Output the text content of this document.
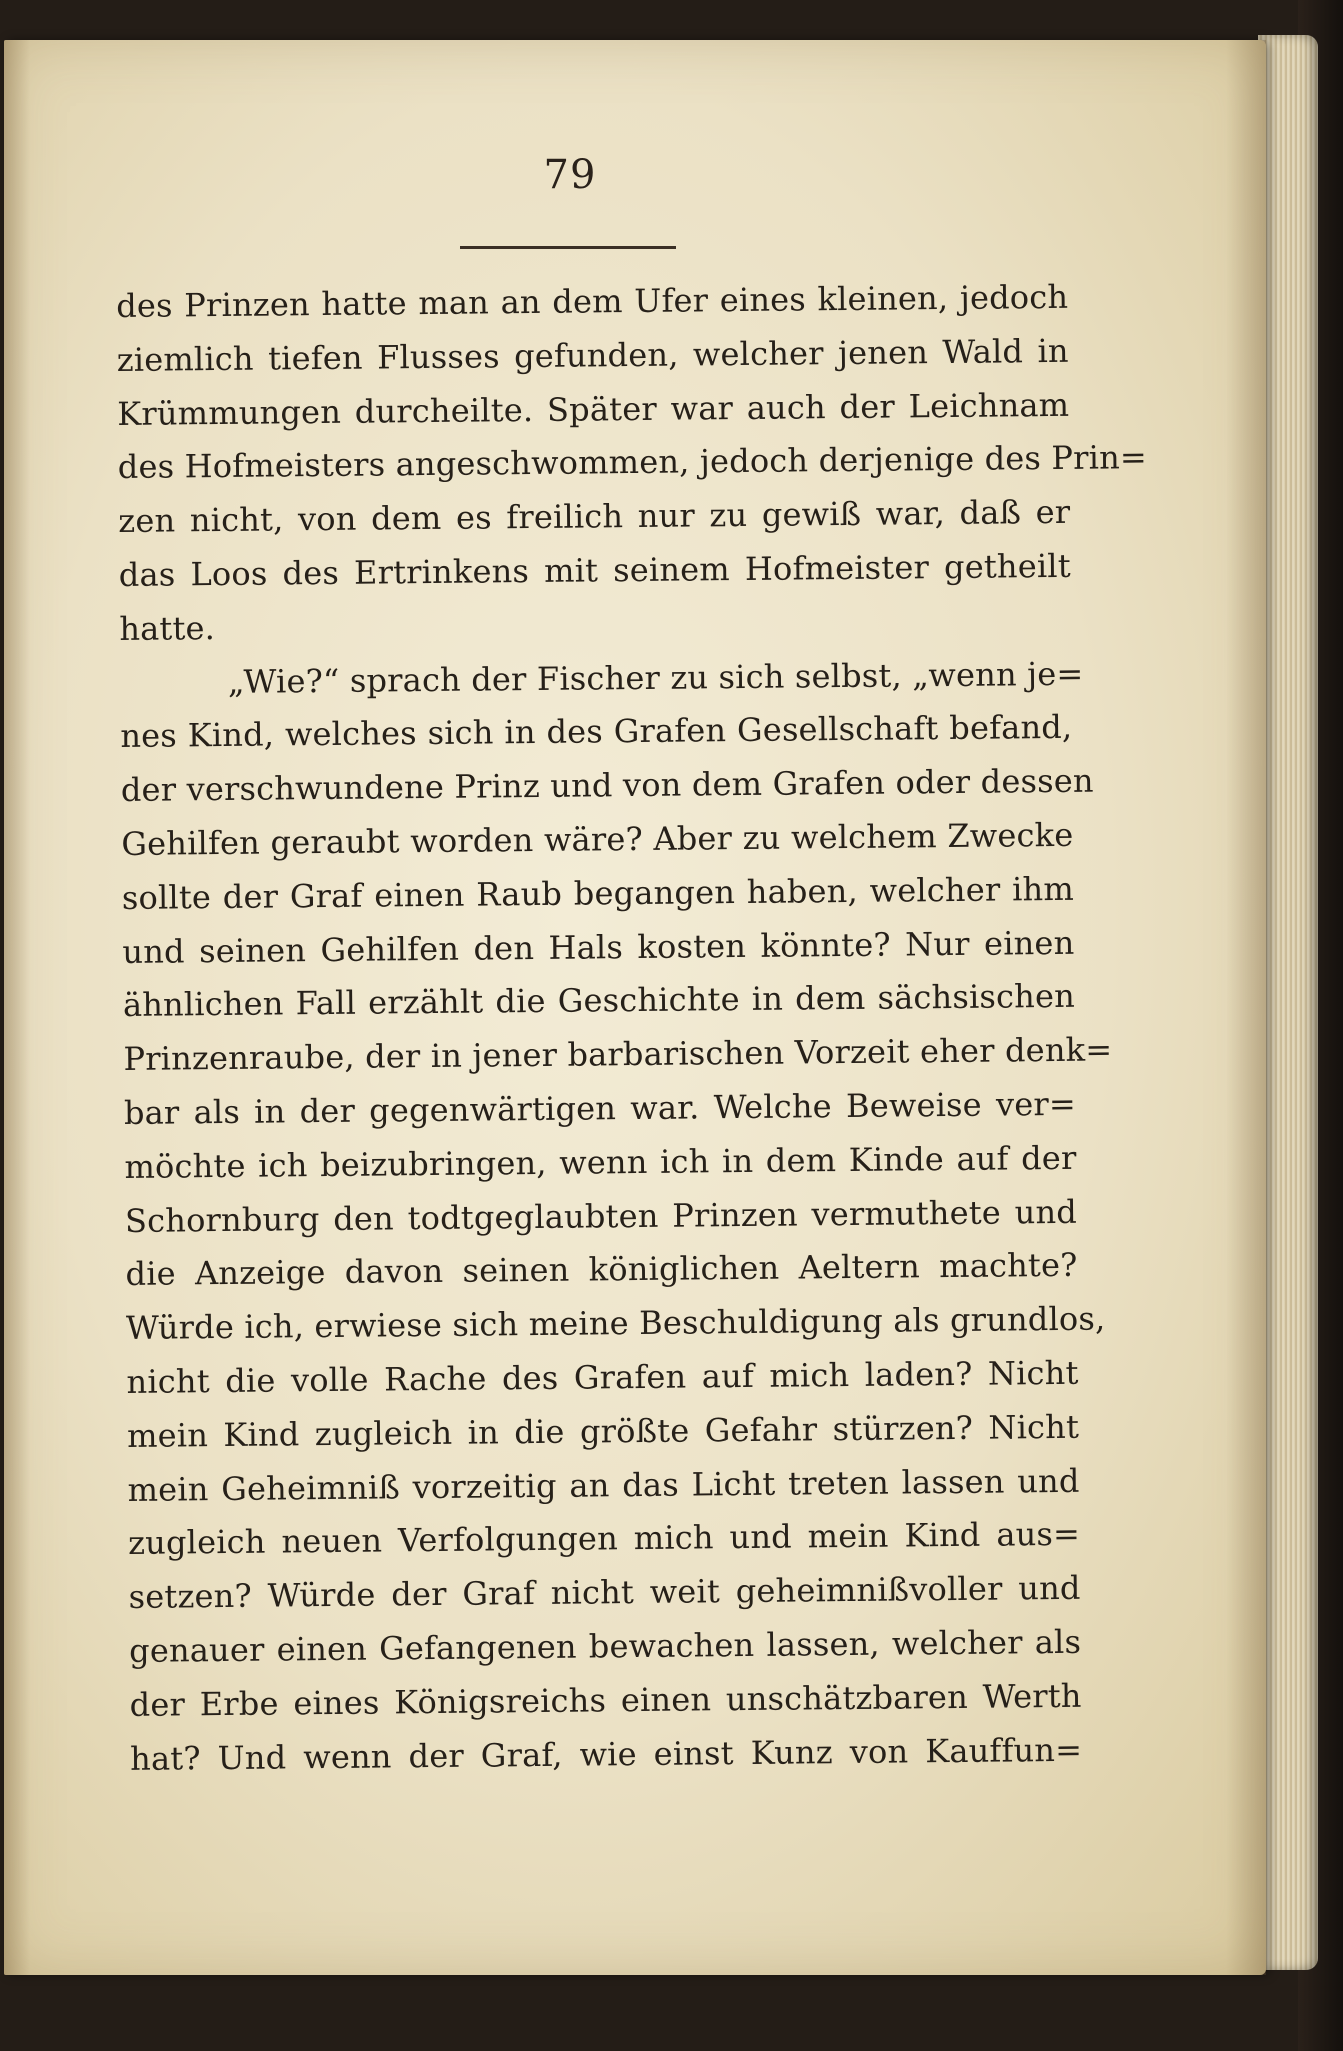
79
des Prinzen hatte man an dem Ufer eines kleinen, jedoch
ziemlich tiefen Flusses gefunden, welcher jenen Wald in
Krümmungen durcheilte. Später war auch der Leichnam
des Hofmeisters angeschwommen, jedoch derjenige des Prin=
zen nicht, von dem es freilich nur zu gewiß war, daß er
das Loos des Ertrinkens mit seinem Hofmeister getheilt
hatte.
„Wie?“ sprach der Fischer zu sich selbst, „wenn je=
nes Kind, welches sich in des Grafen Gesellschaft befand,
der verschwundene Prinz und von dem Grafen oder dessen
Gehilfen geraubt worden wäre? Aber zu welchem Zwecke
sollte der Graf einen Raub begangen haben, welcher ihm
und seinen Gehilfen den Hals kosten könnte? Nur einen
ähnlichen Fall erzählt die Geschichte in dem sächsischen
Prinzenraube, der in jener barbarischen Vorzeit eher denk=
bar als in der gegenwärtigen war. Welche Beweise ver=
möchte ich beizubringen, wenn ich in dem Kinde auf der
Schornburg den todtgeglaubten Prinzen vermuthete und
die Anzeige davon seinen königlichen Aeltern machte?
Würde ich, erwiese sich meine Beschuldigung als grundlos,
nicht die volle Rache des Grafen auf mich laden? Nicht
mein Kind zugleich in die größte Gefahr stürzen? Nicht
mein Geheimniß vorzeitig an das Licht treten lassen und
zugleich neuen Verfolgungen mich und mein Kind aus=
setzen? Würde der Graf nicht weit geheimnißvoller und
genauer einen Gefangenen bewachen lassen, welcher als
der Erbe eines Königsreichs einen unschätzbaren Werth
hat? Und wenn der Graf, wie einst Kunz von Kauffun=
